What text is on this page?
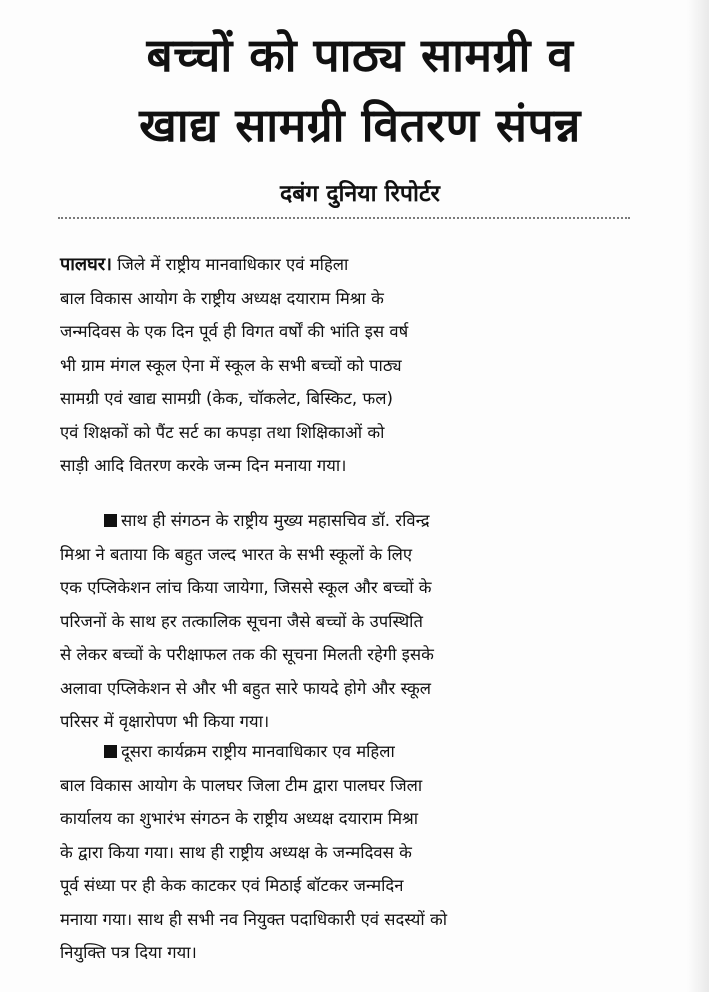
बच्चों को पाठ्य सामग्री व
खाद्य सामग्री वितरण संपन्न

दबंग दुनिया रिपोर्टर

पालघर। जिले में राष्ट्रीय मानवाधिकार एवं महिला
बाल विकास आयोग के राष्ट्रीय अध्यक्ष दयाराम मिश्रा के
जन्मदिवस के एक दिन पूर्व ही विगत वर्षों की भांति इस वर्ष
भी ग्राम मंगल स्कूल ऐना में स्कूल के सभी बच्चों को पाठ्य
सामग्री एवं खाद्य सामग्री (केक, चॉकलेट, बिस्किट, फल)
एवं शिक्षकों को पैंट सर्ट का कपड़ा तथा शिक्षिकाओं को
साड़ी आदि वितरण करके जन्म दिन मनाया गया।

साथ ही संगठन के राष्ट्रीय मुख्य महासचिव डॉ. रविन्द्र
मिश्रा ने बताया कि बहुत जल्द भारत के सभी स्कूलों के लिए
एक एप्लिकेशन लांच किया जायेगा, जिससे स्कूल और बच्चों के
परिजनों के साथ हर तत्कालिक सूचना जैसे बच्चों के उपस्थिति
से लेकर बच्चों के परीक्षाफल तक की सूचना मिलती रहेगी इसके
अलावा एप्लिकेशन से और भी बहुत सारे फायदे होगे और स्कूल
परिसर में वृक्षारोपण भी किया गया।

दूसरा कार्यक्रम राष्ट्रीय मानवाधिकार एव महिला
बाल विकास आयोग के पालघर जिला टीम द्वारा पालघर जिला
कार्यालय का शुभारंभ संगठन के राष्ट्रीय अध्यक्ष दयाराम मिश्रा
के द्वारा किया गया। साथ ही राष्ट्रीय अध्यक्ष के जन्मदिवस के
पूर्व संध्या पर ही केक काटकर एवं मिठाई बॉटकर जन्मदिन
मनाया गया। साथ ही सभी नव नियुक्त पदाधिकारी एवं सदस्यों को
नियुक्ति पत्र दिया गया।
